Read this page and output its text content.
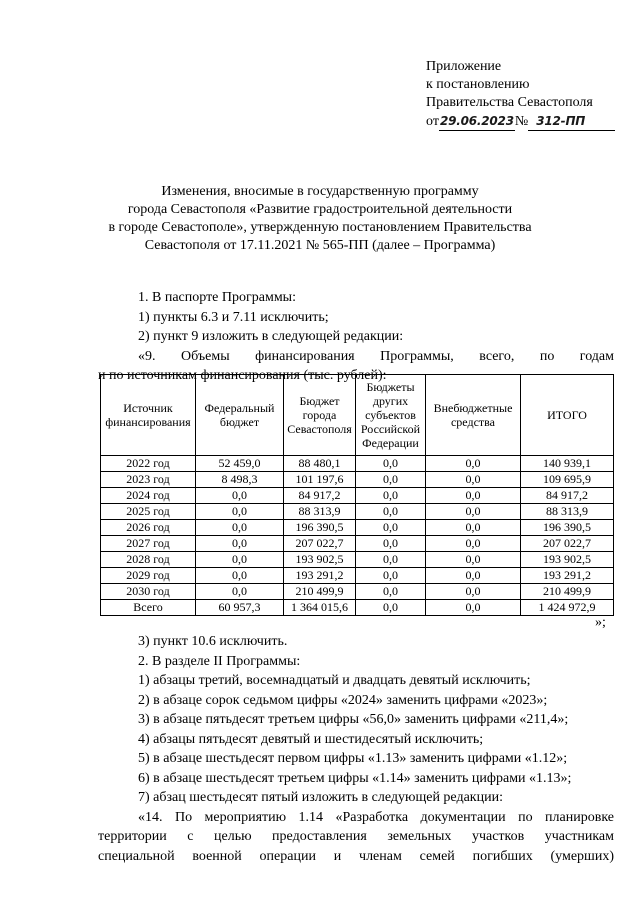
Приложение
к постановлению
Правительства Севастополя
от29.06.2023№ 312-ПП
Изменения, вносимые в государственную программу
города Севастополя «Развитие градостроительной деятельности
в городе Севастополе», утвержденную постановлением Правительства
Севастополя от 17.11.2021 № 565-ПП (далее – Программа)
1. В паспорте Программы:
1) пункты 6.3 и 7.11 исключить;
2) пункт 9 изложить в следующей редакции:
«9. Объемы финансирования Программы, всего, по годам
и по источникам финансирования (тыс. рублей):
Источник финансирования	Федеральный бюджет	Бюджет города Севастополя	Бюджеты других субъектов Российской Федерации	Внебюджетные средства	ИТОГО
2022 год	52 459,0	88 480,1	0,0	0,0	140 939,1
2023 год	8 498,3	101 197,6	0,0	0,0	109 695,9
2024 год	0,0	84 917,2	0,0	0,0	84 917,2
2025 год	0,0	88 313,9	0,0	0,0	88 313,9
2026 год	0,0	196 390,5	0,0	0,0	196 390,5
2027 год	0,0	207 022,7	0,0	0,0	207 022,7
2028 год	0,0	193 902,5	0,0	0,0	193 902,5
2029 год	0,0	193 291,2	0,0	0,0	193 291,2
2030 год	0,0	210 499,9	0,0	0,0	210 499,9
Всего	60 957,3	1 364 015,6	0,0	0,0	1 424 972,9
»;
3) пункт 10.6 исключить.
2. В разделе II Программы:
1) абзацы третий, восемнадцатый и двадцать девятый исключить;
2) в абзаце сорок седьмом цифры «2024» заменить цифрами «2023»;
3) в абзаце пятьдесят третьем цифры «56,0» заменить цифрами «211,4»;
4) абзацы пятьдесят девятый и шестидесятый исключить;
5) в абзаце шестьдесят первом цифры «1.13» заменить цифрами «1.12»;
6) в абзаце шестьдесят третьем цифры «1.14» заменить цифрами «1.13»;
7) абзац шестьдесят пятый изложить в следующей редакции:
«14. По мероприятию 1.14 «Разработка документации по планировке
территории с целью предоставления земельных участков участникам
специальной военной операции и членам семей погибших (умерших)
